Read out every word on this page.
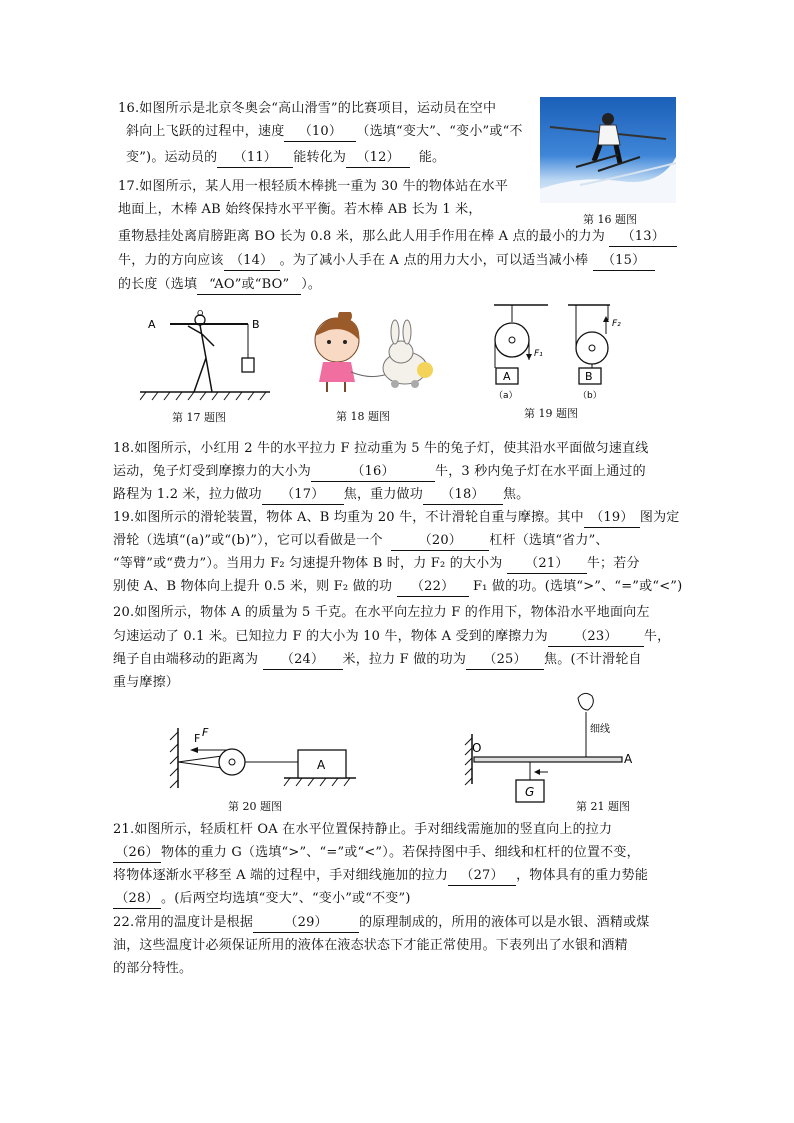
16.如图所示是北京冬奥会“高山滑雪”的比赛项目，运动员在空中
斜向上飞跃的过程中，速度 （10） （选填“变大”、“变小”或“不
变”)。运动员的 （11） 能转化为 （12） 能。
第 16 题图
17.如图所示，某人用一根轻质木棒挑一重为 30 牛的物体站在水平
地面上，木棒 AB 始终保持水平平衡。若木棒 AB 长为 1 米，
重物悬挂处离肩膀距离 BO 长为 0.8 米，那么此人用手作用在棒 A 点的最小的力为 （13）
牛，力的方向应该 （14） 。为了减小人手在 A 点的用力大小，可以适当减小棒 （15）
的长度（选填 “AO”或“BO” ）。
A	B
O
第 17 题图	第 18 题图
A	B
F₁
F₂
（a）	（b）
第 19 题图
18.如图所示，小红用 2 牛的水平拉力 F 拉动重为 5 牛的兔子灯，使其沿水平面做匀速直线
运动，兔子灯受到摩擦力的大小为	（16）	牛，3 秒内兔子灯在水平面上通过的
路程为 1.2 米，拉力做功 （17） 焦，重力做功 （18） 焦。
19.如图所示的滑轮装置，物体 A、B 均重为 20 牛，不计滑轮自重与摩擦。其中 （19） 图为定
滑轮（选填“(a)”或“(b)”），它可以看做是一个	（20） 杠杆（选填“省力”、
“等臂”或“费力”）。当用力 F₂ 匀速提升物体 B 时，力 F₂ 的大小为 （21） 牛；若分
别使 A、B 物体向上提升 0.5 米，则 F₂ 做的功 （22） F₁ 做的功。(选填“>”、“=”或“<”)
20.如图所示，物体 A 的质量为 5 千克。在水平向左拉力 F 的作用下，物体沿水平地面向左
匀速运动了 0.1 米。已知拉力 F 的大小为 10 牛，物体 A 受到的摩擦力为 （23） 牛，
绳子自由端移动的距离为 （24） 米，拉力 F 做的功为 （25） 焦。(不计滑轮自
重与摩擦）
A
F F
第 20 题图
O
A
G
细线
第 21 题图
21.如图所示，轻质杠杆 OA 在水平位置保持静止。手对细线需施加的竖直向上的拉力
（26） 物体的重力 G（选填“>”、“=”或“<”）。若保持图中手、细线和杠杆的位置不变，
将物体逐渐水平移至 A 端的过程中，手对细线施加的拉力 （27） ，物体具有的重力势能
（28） 。(后两空均选填“变大”、“变小”或“不变”)
22.常用的温度计是根据 （29） 的原理制成的，所用的液体可以是水银、酒精或煤
油，这些温度计必须保证所用的液体在液态状态下才能正常使用。下表列出了水银和酒精
的部分特性。
